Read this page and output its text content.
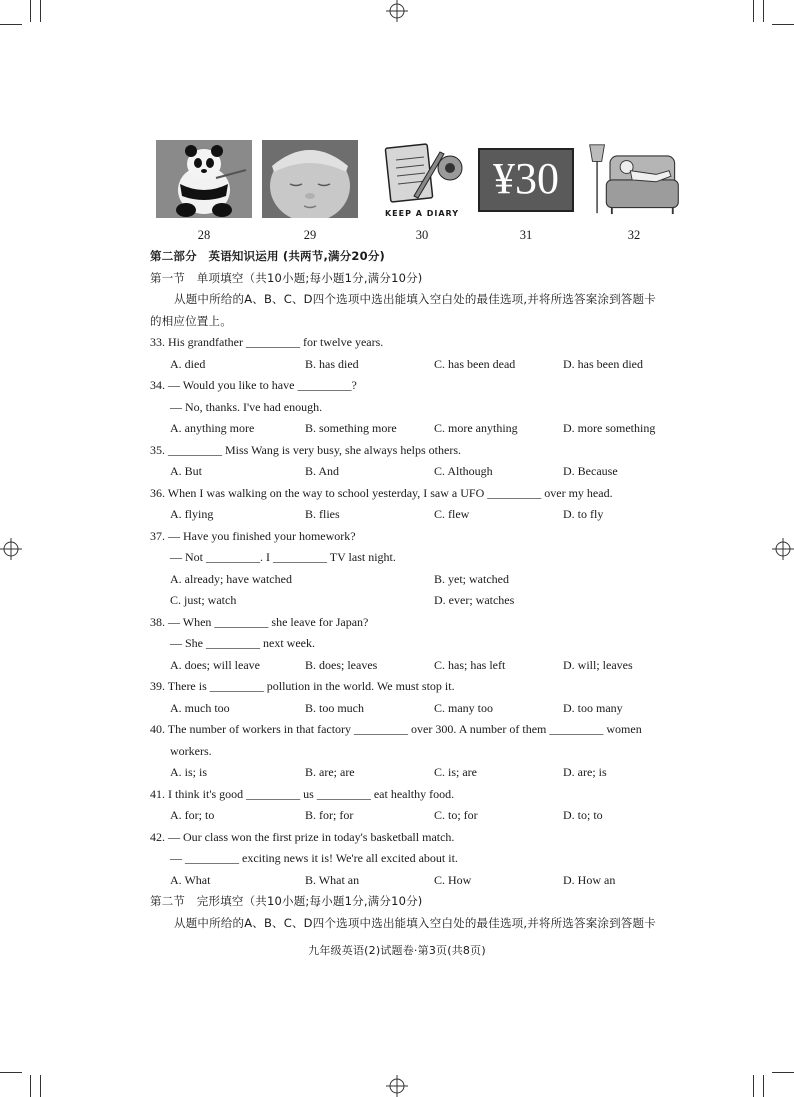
KEEP A DIARY
¥30
28	29	30	31	32
第二部分　英语知识运用 (共两节,满分20分)
第一节　单项填空（共10小题;每小题1分,满分10分)
从题中所给的A、B、C、D四个选项中选出能填入空白处的最佳选项,并将所选答案涂到答题卡
的相应位置上。
33. His grandfather _________ for twelve years.
A. died	B. has died	C. has been dead	D. has been died
34. — Would you like to have _________?
— No, thanks. I've had enough.
A. anything more	B. something more	C. more anything	D. more something
35. _________ Miss Wang is very busy, she always helps others.
A. But	B. And	C. Although	D. Because
36. When I was walking on the way to school yesterday, I saw a UFO _________ over my head.
A. flying	B. flies	C. flew	D. to fly
37. — Have you finished your homework?
— Not _________. I _________ TV last night.
A. already; have watched	B. yet; watched
C. just; watch	D. ever; watches
38. — When _________ she leave for Japan?
— She _________ next week.
A. does; will leave	B. does; leaves	C. has; has left	D. will; leaves
39. There is _________ pollution in the world. We must stop it.
A. much too	B. too much	C. many too	D. too many
40. The number of workers in that factory _________ over 300. A number of them _________ women
workers.
A. is; is	B. are; are	C. is; are	D. are; is
41. I think it's good _________ us _________ eat healthy food.
A. for; to	B. for; for	C. to; for	D. to; to
42. — Our class won the first prize in today's basketball match.
— _________ exciting news it is! We're all excited about it.
A. What	B. What an	C. How	D. How an
第二节　完形填空（共10小题;每小题1分,满分10分)
从题中所给的A、B、C、D四个选项中选出能填入空白处的最佳选项,并将所选答案涂到答题卡
九年级英语(2)试题卷·第3页(共8页)
